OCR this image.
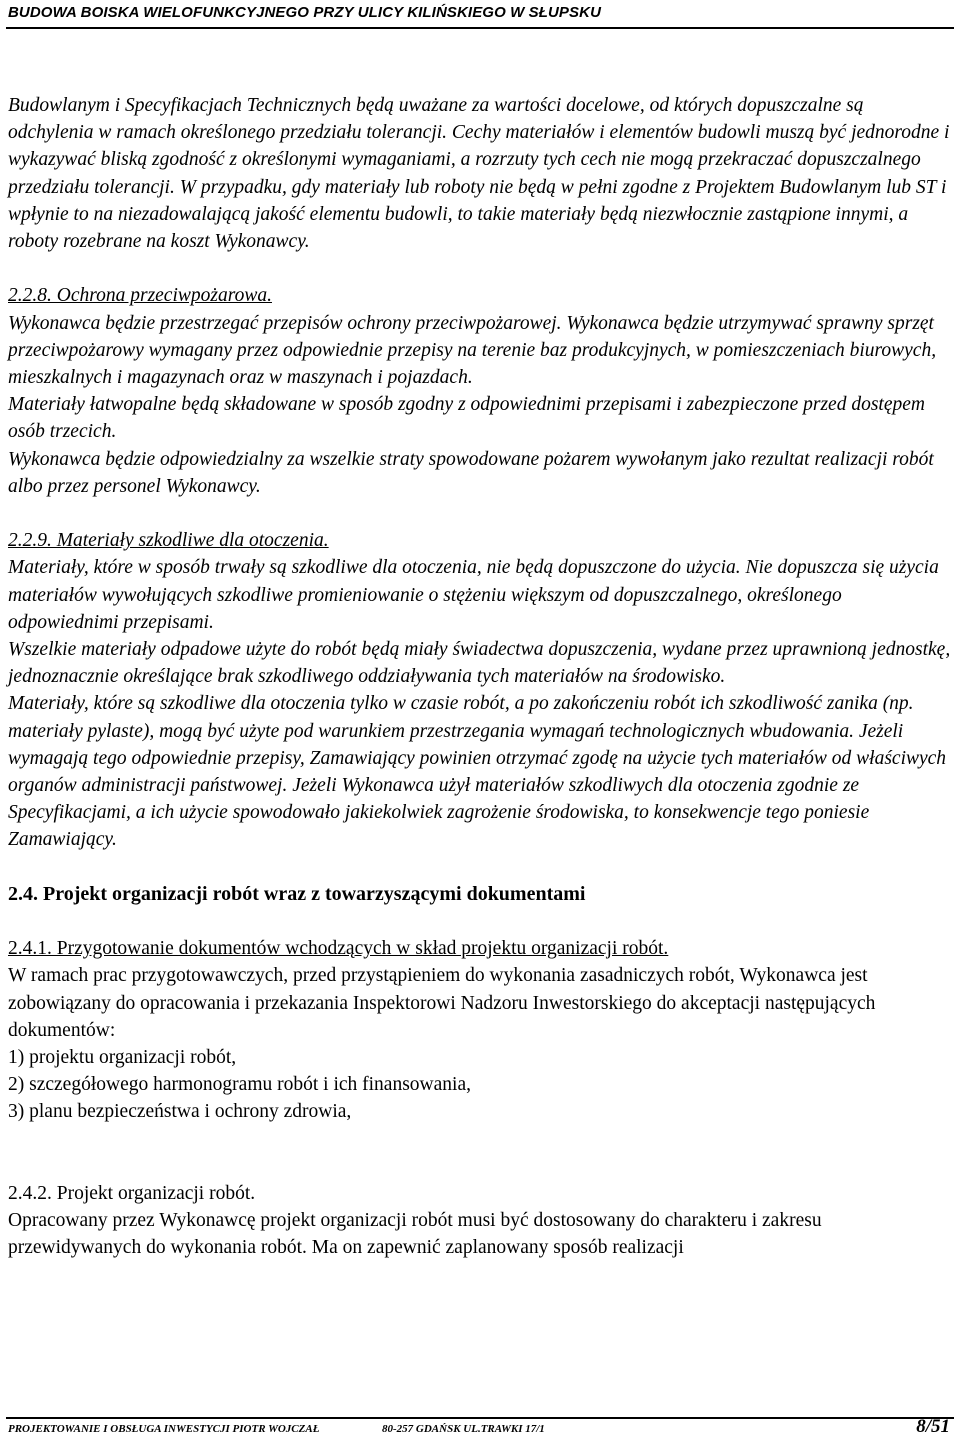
BUDOWA BOISKA WIELOFUNKCYJNEGO PRZY ULICY KILIŃSKIEGO W SŁUPSKU

Budowlanym i Specyfikacjach Technicznych będą uważane za wartości docelowe, od których dopuszczalne są odchylenia w ramach określonego przedziału tolerancji. Cechy materiałów i elementów budowli muszą być jednorodne i wykazywać bliską zgodność z określonymi wymaganiami, a rozrzuty tych cech nie mogą przekraczać dopuszczalnego przedziału tolerancji. W przypadku, gdy materiały lub roboty nie będą w pełni zgodne z Projektem Budowlanym lub ST i wpłynie to na niezadowalającą jakość elementu budowli, to takie materiały będą niezwłocznie zastąpione innymi, a roboty rozebrane na koszt Wykonawcy.

2.2.8. Ochrona przeciwpożarowa.

Wykonawca będzie przestrzegać przepisów ochrony przeciwpożarowej. Wykonawca będzie utrzymywać sprawny sprzęt przeciwpożarowy wymagany przez odpowiednie przepisy na terenie baz produkcyjnych, w pomieszczeniach biurowych, mieszkalnych i magazynach oraz w maszynach i pojazdach.

Materiały łatwopalne będą składowane w sposób zgodny z odpowiednimi przepisami i zabezpieczone przed dostępem osób trzecich.

Wykonawca będzie odpowiedzialny za wszelkie straty spowodowane pożarem wywołanym jako rezultat realizacji robót albo przez personel Wykonawcy.

2.2.9. Materiały szkodliwe dla otoczenia.

Materiały, które w sposób trwały są szkodliwe dla otoczenia, nie będą dopuszczone do użycia. Nie dopuszcza się użycia materiałów wywołujących szkodliwe promieniowanie o stężeniu większym od dopuszczalnego, określonego odpowiednimi przepisami.

Wszelkie materiały odpadowe użyte do robót będą miały świadectwa dopuszczenia, wydane przez uprawnioną jednostkę, jednoznacznie określające brak szkodliwego oddziaływania tych materiałów na środowisko.

Materiały, które są szkodliwe dla otoczenia tylko w czasie robót, a po zakończeniu robót ich szkodliwość zanika (np. materiały pylaste), mogą być użyte pod warunkiem przestrzegania wymagań technologicznych wbudowania. Jeżeli wymagają tego odpowiednie przepisy, Zamawiający powinien otrzymać zgodę na użycie tych materiałów od właściwych organów administracji państwowej. Jeżeli Wykonawca użył materiałów szkodliwych dla otoczenia zgodnie ze Specyfikacjami, a ich użycie spowodowało jakiekolwiek zagrożenie środowiska, to konsekwencje tego poniesie Zamawiający.

2.4. Projekt organizacji robót wraz z towarzyszącymi dokumentami

2.4.1. Przygotowanie dokumentów wchodzących w skład projektu organizacji robót.

W ramach prac przygotowawczych, przed przystąpieniem do wykonania zasadniczych robót, Wykonawca jest zobowiązany do opracowania i przekazania Inspektorowi Nadzoru Inwestorskiego do akceptacji następujących dokumentów:

1) projektu organizacji robót,

2) szczegółowego harmonogramu robót i ich finansowania,

3) planu bezpieczeństwa i ochrony zdrowia,

2.4.2. Projekt organizacji robót.

Opracowany przez Wykonawcę projekt organizacji robót musi być dostosowany do charakteru i zakresu przewidywanych do wykonania robót. Ma on zapewnić zaplanowany sposób realizacji

PROJEKTOWANIE I OBSŁUGA INWESTYCJI PIOTR WOJCZAŁ	80-257 GDAŃSK UL.TRAWKI 17/1	8/51
